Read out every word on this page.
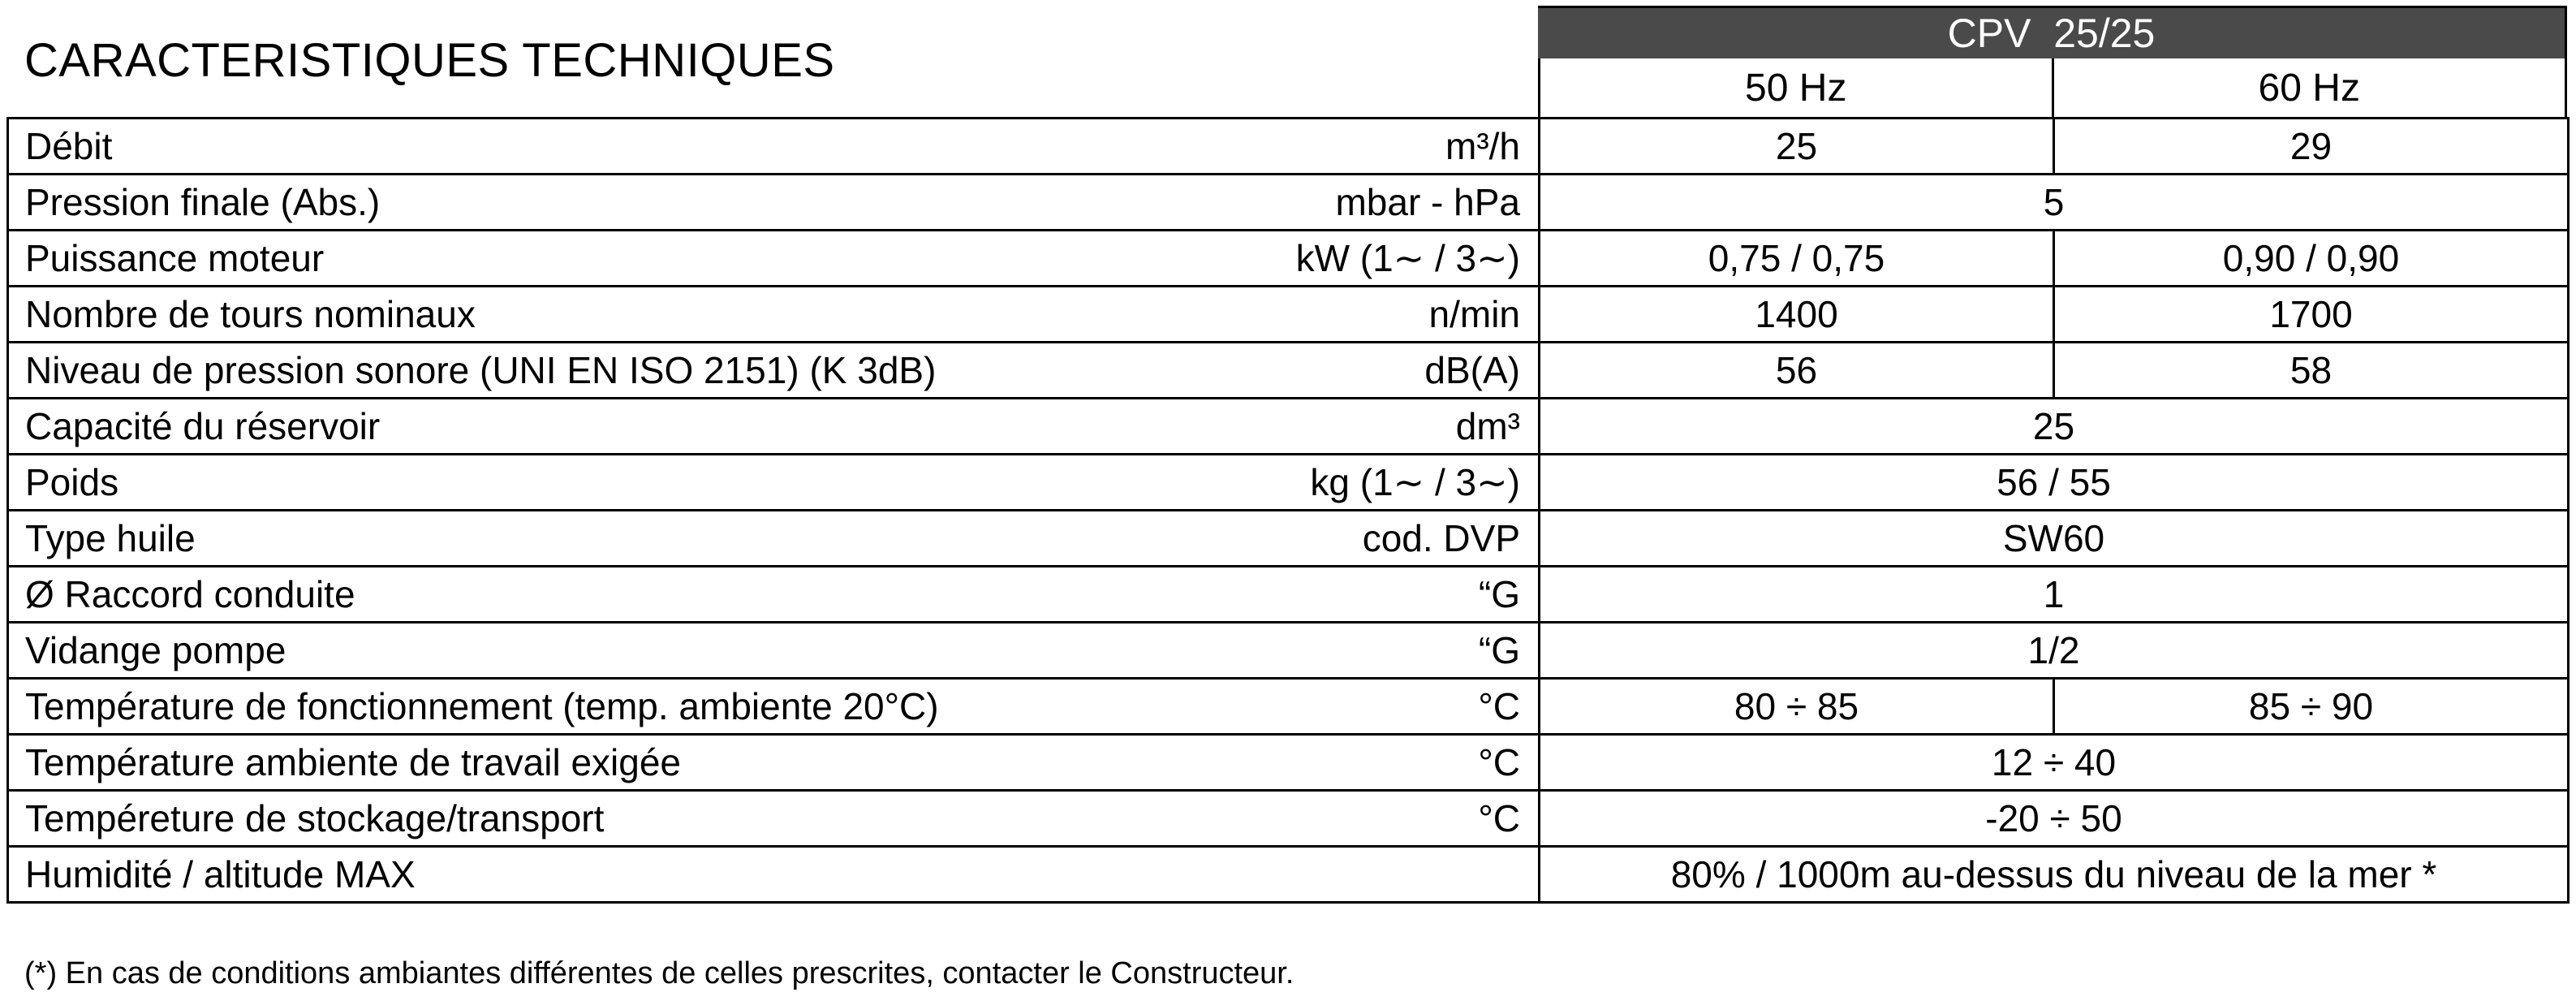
CARACTERISTIQUES TECHNIQUES
CPV  25/25
50 Hz	60 Hz
Débit m³/h	25	29

Pression finale (Abs.) mbar - hPa	5	

Puissance moteur kW (1∼ / 3∼)	0,75 / 0,75	0,90 / 0,90

Nombre de tours nominaux n/min	1400	1700

Niveau de pression sonore (UNI EN ISO 2151) (K 3dB) dB(A)	56	58

Capacité du réservoir dm³	25	

Poids kg (1∼ / 3∼)	56 / 55	

Type huile cod. DVP	SW60	

Ø Raccord conduite “G	1	

Vidange pompe “G	1/2	

Température de fonctionnement (temp. ambiente 20°C) °C	80 ÷ 85	85 ÷ 90

Température ambiente de travail exigée °C	12 ÷ 40	

Tempéreture de stockage/transport °C	-20 ÷ 50	

Humidité / altitude MAX	80% / 1000m au-dessus du niveau de la mer *	
(*) En cas de conditions ambiantes différentes de celles prescrites, contacter le Constructeur.
